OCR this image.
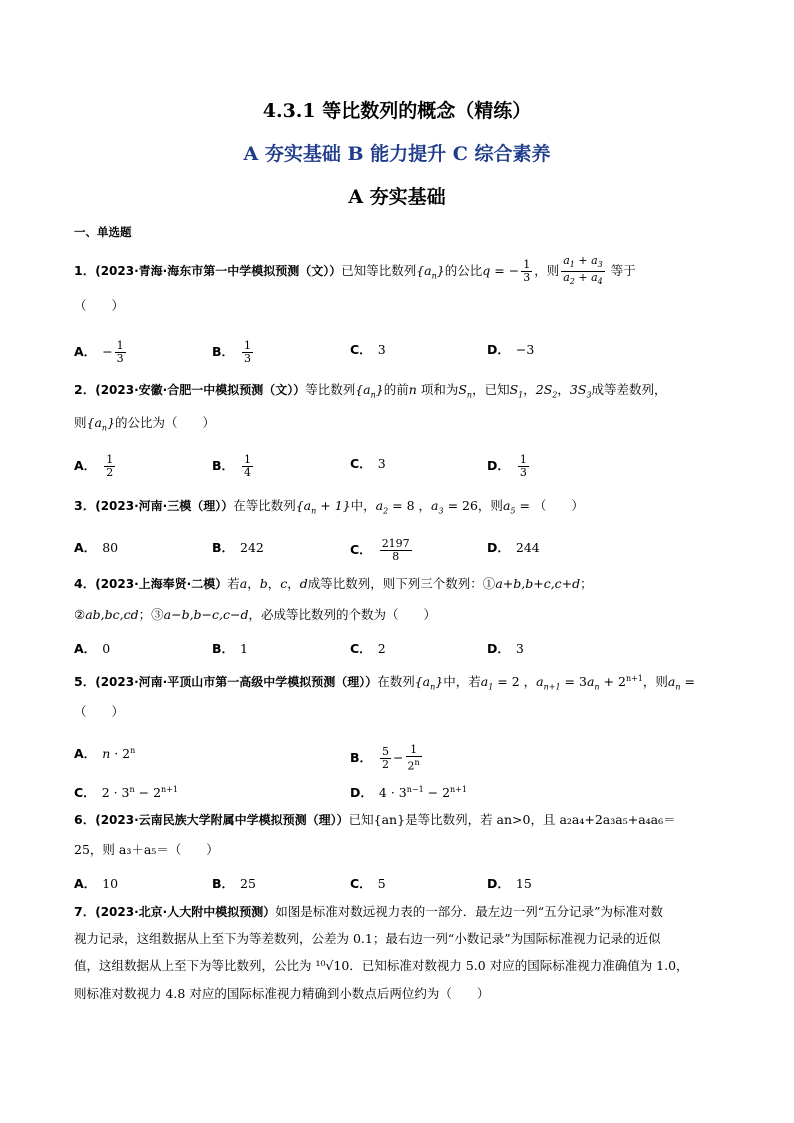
4.3.1 等比数列的概念（精练）
A 夯实基础 B 能力提升 C 综合素养
A 夯实基础
一、单选题
1．(2023·青海·海东市第一中学模拟预测（文））已知等比数列$\{a_n\}$的公比q = − $\frac{1}{3}$ ，则 $\frac{a_1 + a_3}{a_2 + a_4}$ 等于
（　　）
A． − $\frac{1}{3}$	B． $\frac{1}{3}$	C． 3	D． −3
2．(2023·安徽·合肥一中模拟预测（文））等比数列$\{a_n\}$的前n 项和为$S_n$，已知$S_1$，$2S_2$，$3S_3$成等差数列，
则$\{a_n\}$的公比为（　　）
A． $\frac{1}{2}$	B． $\frac{1}{4}$	C． 3	D． $\frac{1}{3}$
3．(2023·河南·三模（理））在等比数列$\{a_n + 1\}$中，$a_2 = 8$ ，$a_3 = 26$，则$a_5$ = （　　）
A． 80	B． 242	C． $\frac{2197}{8}$	D． 244
4．(2023·上海奉贤·二模）若a，b，c，d成等比数列，则下列三个数列：①a+b,b+c,c+d；
②ab,bc,cd；③a−b,b−c,c−d，必成等比数列的个数为（　　）
A． 0	B． 1	C． 2	D． 3
5．(2023·河南·平顶山市第一高级中学模拟预测（理））在数列$\{a_n\}$中，若$a_1 = 2$ ，$a_{n+1} = 3a_n + 2^{n+1}$，则$a_n$ =
（　　）
A． $n \cdot 2^n$	B． $\frac{5}{2} - \frac{1}{2^n}$
C． $2 \cdot 3^n - 2^{n+1}$	D． $4 \cdot 3^{n-1} - 2^{n+1}$
6．(2023·云南民族大学附属中学模拟预测（理））已知{an}是等比数列，若 an>0，且 a₂a₄+2a₃a₅+a₄a₆＝
25，则 a₃＋a₅＝（　　）
A． 10	B． 25	C． 5	D． 15
7．(2023·北京·人大附中模拟预测）如图是标准对数远视力表的一部分．最左边一列“五分记录”为标准对数
视力记录，这组数据从上至下为等差数列，公差为 0.1；最右边一列“小数记录”为国际标准视力记录的近似
值，这组数据从上至下为等比数列，公比为 ¹⁰√10．已知标准对数视力 5.0 对应的国际标准视力准确值为 1.0，
则标准对数视力 4.8 对应的国际标准视力精确到小数点后两位约为（　　）
